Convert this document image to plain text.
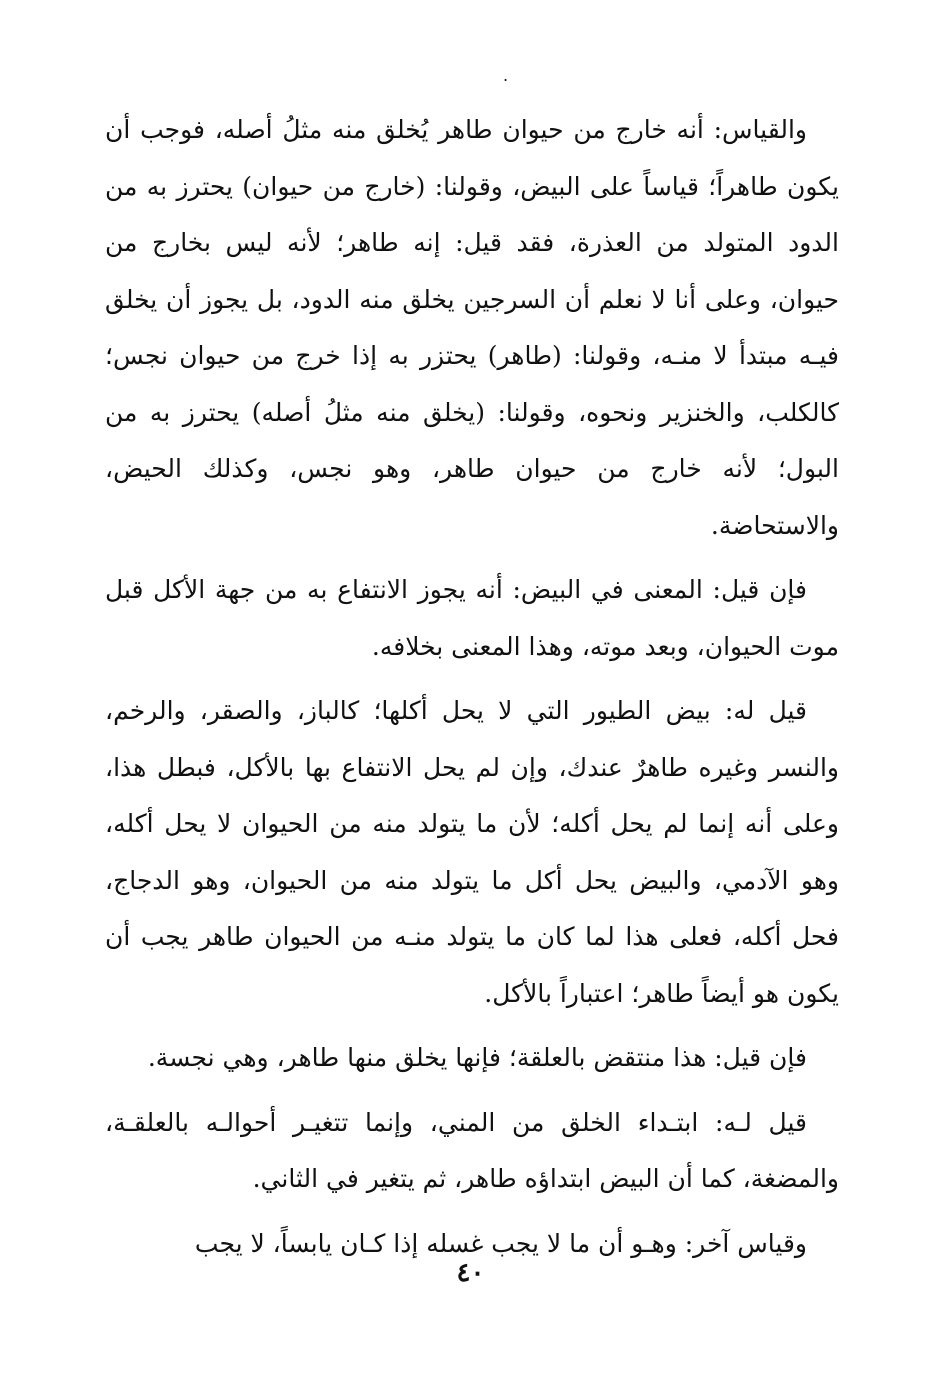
.

والقياس: أنه خارج من حيوان طاهر يُخلق منه مثلُ أصله، فوجب أن يكون طاهراً؛ قياساً على البيض، وقولنا: (خارج من حيوان) يحترز به من الدود المتولد من العذرة، فقد قيل: إنه طاهر؛ لأنه ليس بخارج من حيوان، وعلى أنا لا نعلم أن السرجين يخلق منه الدود، بل يجوز أن يخلق فيـه مبتدأ لا منـه، وقولنا: (طاهر) يحتزر به إذا خرج من حيوان نجس؛ كالكلب، والخنزير ونحوه، وقولنا: (يخلق منه مثلُ أصله) يحترز به من البول؛ لأنه خارج من حيوان طاهر، وهو نجس، وكذلك الحيض، والاستحاضة.

فإن قيل: المعنى في البيض: أنه يجوز الانتفاع به من جهة الأكل قبل موت الحيوان، وبعد موته، وهذا المعنى بخلافه.

قيل له: بيض الطيور التي لا يحل أكلها؛ كالباز، والصقر، والرخم، والنسر وغيره طاهرٌ عندك، وإن لم يحل الانتفاع بها بالأكل، فبطل هذا، وعلى أنه إنما لم يحل أكله؛ لأن ما يتولد منه من الحيوان لا يحل أكله، وهو الآدمي، والبيض يحل أكل ما يتولد منه من الحيوان، وهو الدجاج، فحل أكله، فعلى هذا لما كان ما يتولد منـه من الحيوان طاهر يجب أن يكون هو أيضاً طاهر؛ اعتباراً بالأكل.

فإن قيل: هذا منتقض بالعلقة؛ فإنها يخلق منها طاهر، وهي نجسة.

قيل لـه: ابتـداء الخلق من المني، وإنما تتغيـر أحوالـه بالعلقـة، والمضغة، كما أن البيض ابتداؤه طاهر، ثم يتغير في الثاني.

وقياس آخر: وهـو أن ما لا يجب غسله إذا كـان يابساً، لا يجب

٤٠
